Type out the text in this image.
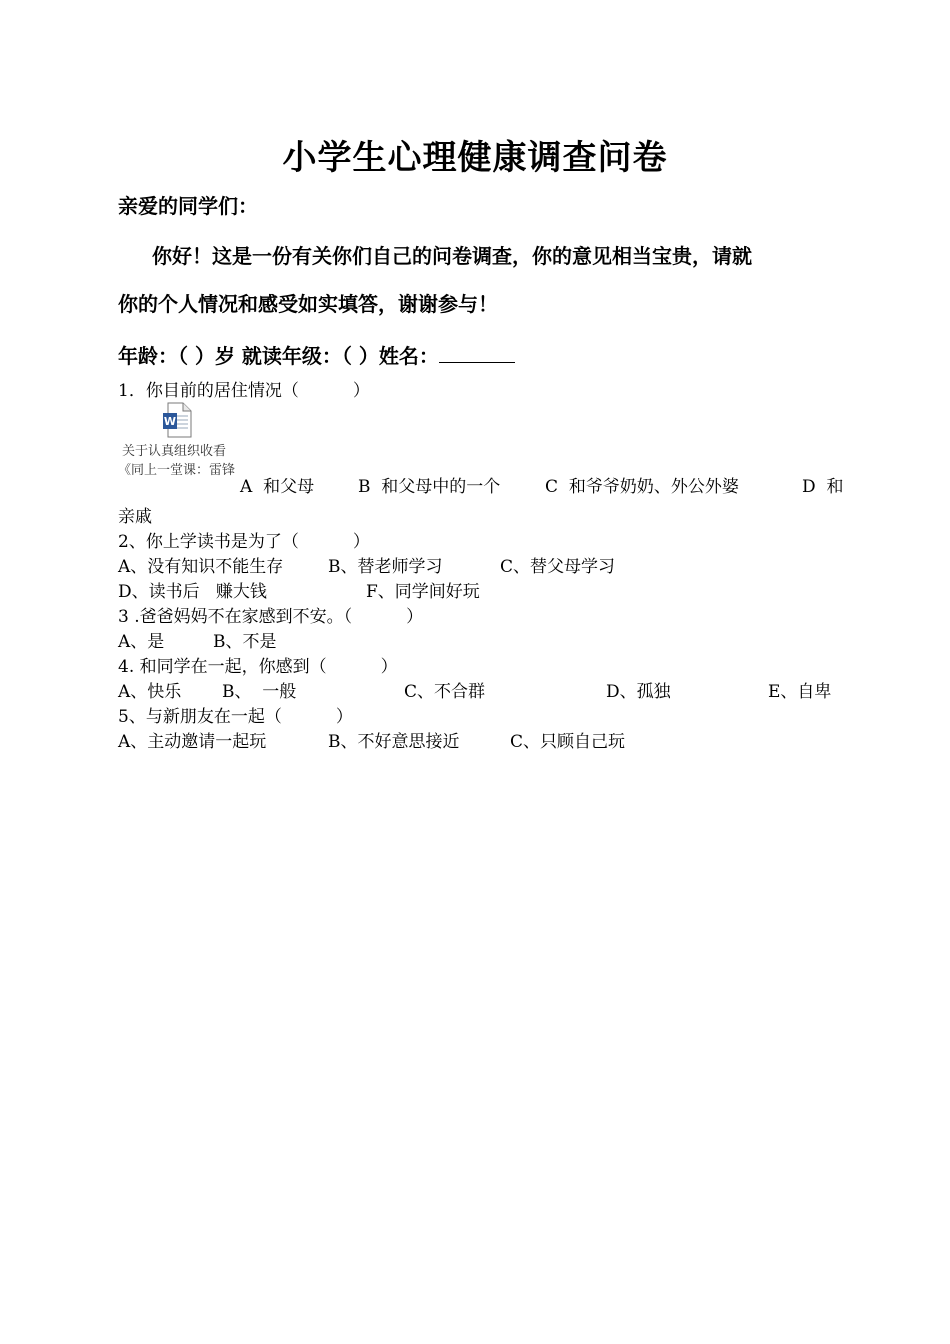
小学生心理健康调查问卷
亲爱的同学们：
你好！这是一份有关你们自己的问卷调查，你的意见相当宝贵，请就
你的个人情况和感受如实填答，谢谢参与！
年龄：（ ）岁 就读年级：（ ）姓名：
1．你目前的居住情况（          ）
W
关于认真组织收看
《同上一堂课：雷锋
A  和父母	B  和父母中的一个	C  和爷爷奶奶、外公外婆	D  和
亲戚
2、你上学读书是为了（          ）
A、没有知识不能生存	B、替老师学习	C、替父母学习
D、读书后   赚大钱	F、同学间好玩
3 .爸爸妈妈不在家感到不安。（          ）
A、是	B、不是
4. 和同学在一起，你感到（          ）
A、快乐 B、  一般	C、不合群	D、孤独	E、自卑
5、与新朋友在一起（          ）
A、主动邀请一起玩	B、不好意思接近	C、只顾自己玩
